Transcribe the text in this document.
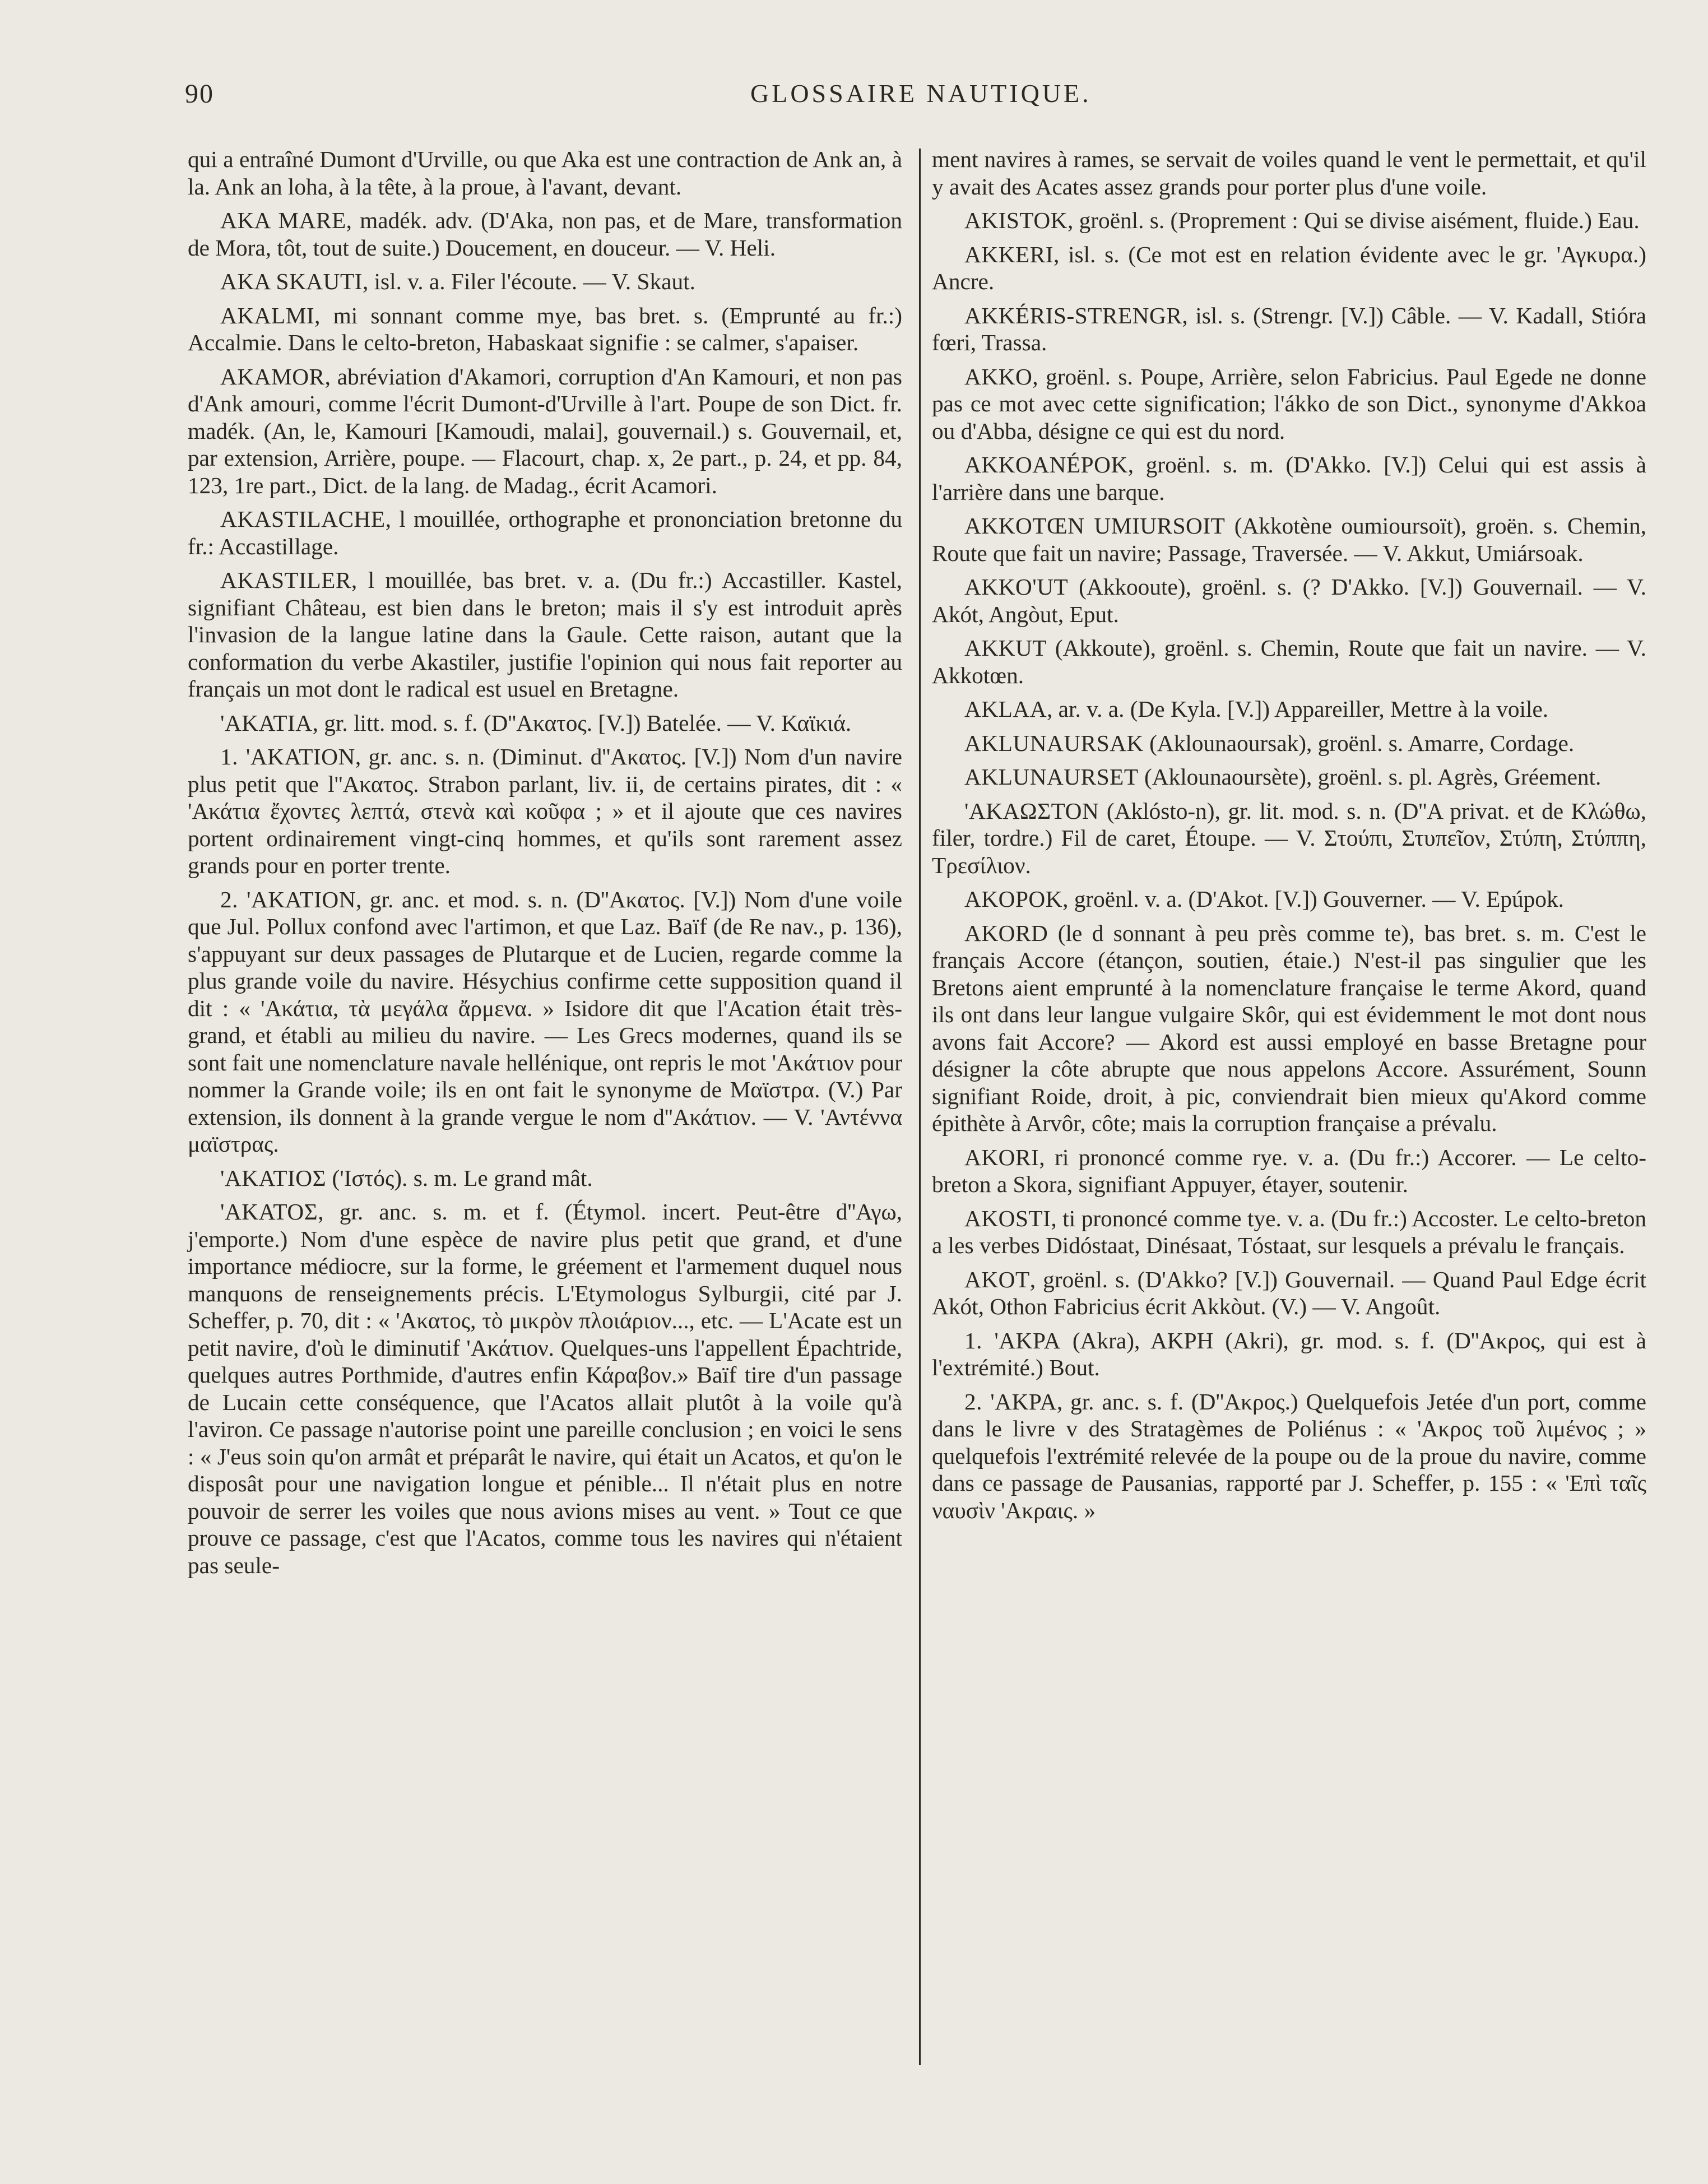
90	GLOSSAIRE NAUTIQUE.

qui a entraîné Dumont d'Urville, ou que Aka est une contraction de Ank an, à la. Ank an loha, à la tête, à la proue, à l'avant, devant.

AKA MARE, madék. adv. (D'Aka, non pas, et de Mare, transformation de Mora, tôt, tout de suite.) Doucement, en douceur. — V. Heli.

AKA SKAUTI, isl. v. a. Filer l'écoute. — V. Skaut.

AKALMI, mi sonnant comme mye, bas bret. s. (Emprunté au fr.:) Accalmie. Dans le celto-breton, Habaskaat signifie : se calmer, s'apaiser.

AKAMOR, abréviation d'Akamori, corruption d'An Kamouri, et non pas d'Ank amouri, comme l'écrit Dumont-d'Urville à l'art. Poupe de son Dict. fr. madék. (An, le, Kamouri [Kamoudi, malai], gouvernail.) s. Gouvernail, et, par extension, Arrière, poupe. — Flacourt, chap. x, 2e part., p. 24, et pp. 84, 123, 1re part., Dict. de la lang. de Madag., écrit Acamori.

AKASTILACHE, l mouillée, orthographe et prononciation bretonne du fr.: Accastillage.

AKASTILER, l mouillée, bas bret. v. a. (Du fr.:) Accastiller. Kastel, signifiant Château, est bien dans le breton; mais il s'y est introduit après l'invasion de la langue latine dans la Gaule. Cette raison, autant que la conformation du verbe Akastiler, justifie l'opinion qui nous fait reporter au français un mot dont le radical est usuel en Bretagne.

'AKATIA, gr. litt. mod. s. f. (D''Ακατος. [V.]) Batelée. — V. Καϊκιά.

1. 'AKATION, gr. anc. s. n. (Diminut. d''Ακατος. [V.]) Nom d'un navire plus petit que l''Ακατος. Strabon parlant, liv. ii, de certains pirates, dit : « 'Ακάτια ἔχοντες λεπτά, στενὰ καὶ κοῦφα ; » et il ajoute que ces navires portent ordinairement vingt-cinq hommes, et qu'ils sont rarement assez grands pour en porter trente.

2. 'AKATION, gr. anc. et mod. s. n. (D''Ακατος. [V.]) Nom d'une voile que Jul. Pollux confond avec l'artimon, et que Laz. Baïf (de Re nav., p. 136), s'appuyant sur deux passages de Plutarque et de Lucien, regarde comme la plus grande voile du navire. Hésychius confirme cette supposition quand il dit : « 'Ακάτια, τὰ μεγάλα ἄρμενα. » Isidore dit que l'Acation était très-grand, et établi au milieu du navire. — Les Grecs modernes, quand ils se sont fait une nomenclature navale hellénique, ont repris le mot 'Ακάτιον pour nommer la Grande voile; ils en ont fait le synonyme de Μαϊστρα. (V.) Par extension, ils donnent à la grande vergue le nom d''Ακάτιον. — V. 'Αντέννα μαϊστρας.

'AKATIOΣ ('Ιστός). s. m. Le grand mât.

'AKATOΣ, gr. anc. s. m. et f. (Étymol. incert. Peut-être d''Αγω, j'emporte.) Nom d'une espèce de navire plus petit que grand, et d'une importance médiocre, sur la forme, le gréement et l'armement duquel nous manquons de renseignements précis. L'Etymologus Sylburgii, cité par J. Scheffer, p. 70, dit : « 'Ακατος, τὸ μικρὸν πλοιάριον..., etc. — L'Acate est un petit navire, d'où le diminutif 'Ακάτιον. Quelques-uns l'appellent Épachtride, quelques autres Porthmide, d'autres enfin Κάραβον.» Baïf tire d'un passage de Lucain cette conséquence, que l'Acatos allait plutôt à la voile qu'à l'aviron. Ce passage n'autorise point une pareille conclusion ; en voici le sens : « J'eus soin qu'on armât et préparât le navire, qui était un Acatos, et qu'on le disposât pour une navigation longue et pénible... Il n'était plus en notre pouvoir de serrer les voiles que nous avions mises au vent. » Tout ce que prouve ce passage, c'est que l'Acatos, comme tous les navires qui n'étaient pas seule-

ment navires à rames, se servait de voiles quand le vent le permettait, et qu'il y avait des Acates assez grands pour porter plus d'une voile.

AKISTOK, groënl. s. (Proprement : Qui se divise aisément, fluide.) Eau.

AKKERI, isl. s. (Ce mot est en relation évidente avec le gr. 'Αγκυρα.) Ancre.

AKKÉRIS-STRENGR, isl. s. (Strengr. [V.]) Câble. — V. Kadall, Stióra fœri, Trassa.

AKKO, groënl. s. Poupe, Arrière, selon Fabricius. Paul Egede ne donne pas ce mot avec cette signification; l'ákko de son Dict., synonyme d'Akkoa ou d'Abba, désigne ce qui est du nord.

AKKOANÉPOK, groënl. s. m. (D'Akko. [V.]) Celui qui est assis à l'arrière dans une barque.

AKKOTŒN UMIURSOIT (Akkotène oumioursoït), groën. s. Chemin, Route que fait un navire; Passage, Traversée. — V. Akkut, Umiársoak.

AKKO'UT (Akkooute), groënl. s. (? D'Akko. [V.]) Gouvernail. — V. Akót, Angòut, Eput.

AKKUT (Akkoute), groënl. s. Chemin, Route que fait un navire. — V. Akkotœn.

AKLAA, ar. v. a. (De Kyla. [V.]) Appareiller, Mettre à la voile.

AKLUNAURSAK (Aklounaoursak), groënl. s. Amarre, Cordage.

AKLUNAURSET (Aklounaoursète), groënl. s. pl. Agrès, Gréement.

'AKAΩΣTON (Aklósto-n), gr. lit. mod. s. n. (D''A privat. et de Κλώθω, filer, tordre.) Fil de caret, Étoupe. — V. Στούπι, Στυπεῖον, Στύπη, Στύππη, Τρεσίλιον.

AKOPOK, groënl. v. a. (D'Akot. [V.]) Gouverner. — V. Epúpok.

AKORD (le d sonnant à peu près comme te), bas bret. s. m. C'est le français Accore (étançon, soutien, étaie.) N'est-il pas singulier que les Bretons aient emprunté à la nomenclature française le terme Akord, quand ils ont dans leur langue vulgaire Skôr, qui est évidemment le mot dont nous avons fait Accore? — Akord est aussi employé en basse Bretagne pour désigner la côte abrupte que nous appelons Accore. Assurément, Sounn signifiant Roide, droit, à pic, conviendrait bien mieux qu'Akord comme épithète à Arvôr, côte; mais la corruption française a prévalu.

AKORI, ri prononcé comme rye. v. a. (Du fr.:) Accorer. — Le celto-breton a Skora, signifiant Appuyer, étayer, soutenir.

AKOSTI, ti prononcé comme tye. v. a. (Du fr.:) Accoster. Le celto-breton a les verbes Didóstaat, Dinésaat, Tóstaat, sur lesquels a prévalu le français.

AKOT, groënl. s. (D'Akko? [V.]) Gouvernail. — Quand Paul Edge écrit Akót, Othon Fabricius écrit Akkòut. (V.) — V. Angoût.

1. 'AKPA (Akra), AKPH (Akri), gr. mod. s. f. (D''Ακρος, qui est à l'extrémité.) Bout.

2. 'AKPA, gr. anc. s. f. (D''Ακρος.) Quelquefois Jetée d'un port, comme dans le livre v des Stratagèmes de Poliénus : « 'Ακρος τοῦ λιμένος ; » quelquefois l'extrémité relevée de la poupe ou de la proue du navire, comme dans ce passage de Pausanias, rapporté par J. Scheffer, p. 155 : « 'Επὶ ταῖς ναυσὶν 'Ακραις. »
